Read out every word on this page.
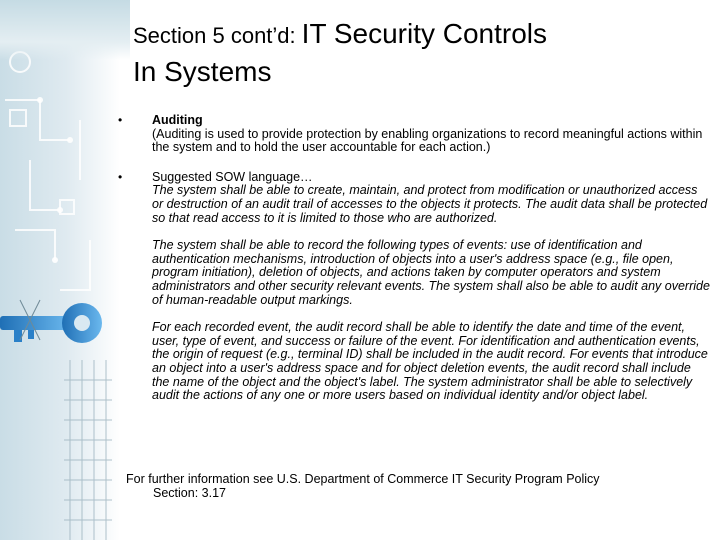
Section 5 cont’d: IT Security Controls
In Systems
• Auditing
(Auditing is used to provide protection by enabling organizations to record meaningful actions within the system and to hold the user accountable for each action.)
• Suggested SOW language…
The system shall be able to create, maintain, and protect from modification or unauthorized access or destruction of an audit trail of accesses to the objects it protects. The audit data shall be protected so that read access to it is limited to those who are authorized.
The system shall be able to record the following types of events: use of identification and authentication mechanisms, introduction of objects into a user's address space (e.g., file open, program initiation), deletion of objects, and actions taken by computer operators and system administrators and other security relevant events. The system shall also be able to audit any override of human-readable output markings.
For each recorded event, the audit record shall be able to identify the date and time of the event, user, type of event, and success or failure of the event. For identification and authentication events, the origin of request (e.g., terminal ID) shall be included in the audit record. For events that introduce an object into a user's address space and for object deletion events, the audit record shall include the name of the object and the object's label. The system administrator shall be able to selectively audit the actions of any one or more users based on individual identity and/or object label.
For further information see U.S. Department of Commerce IT Security Program Policy
Section: 3.17
